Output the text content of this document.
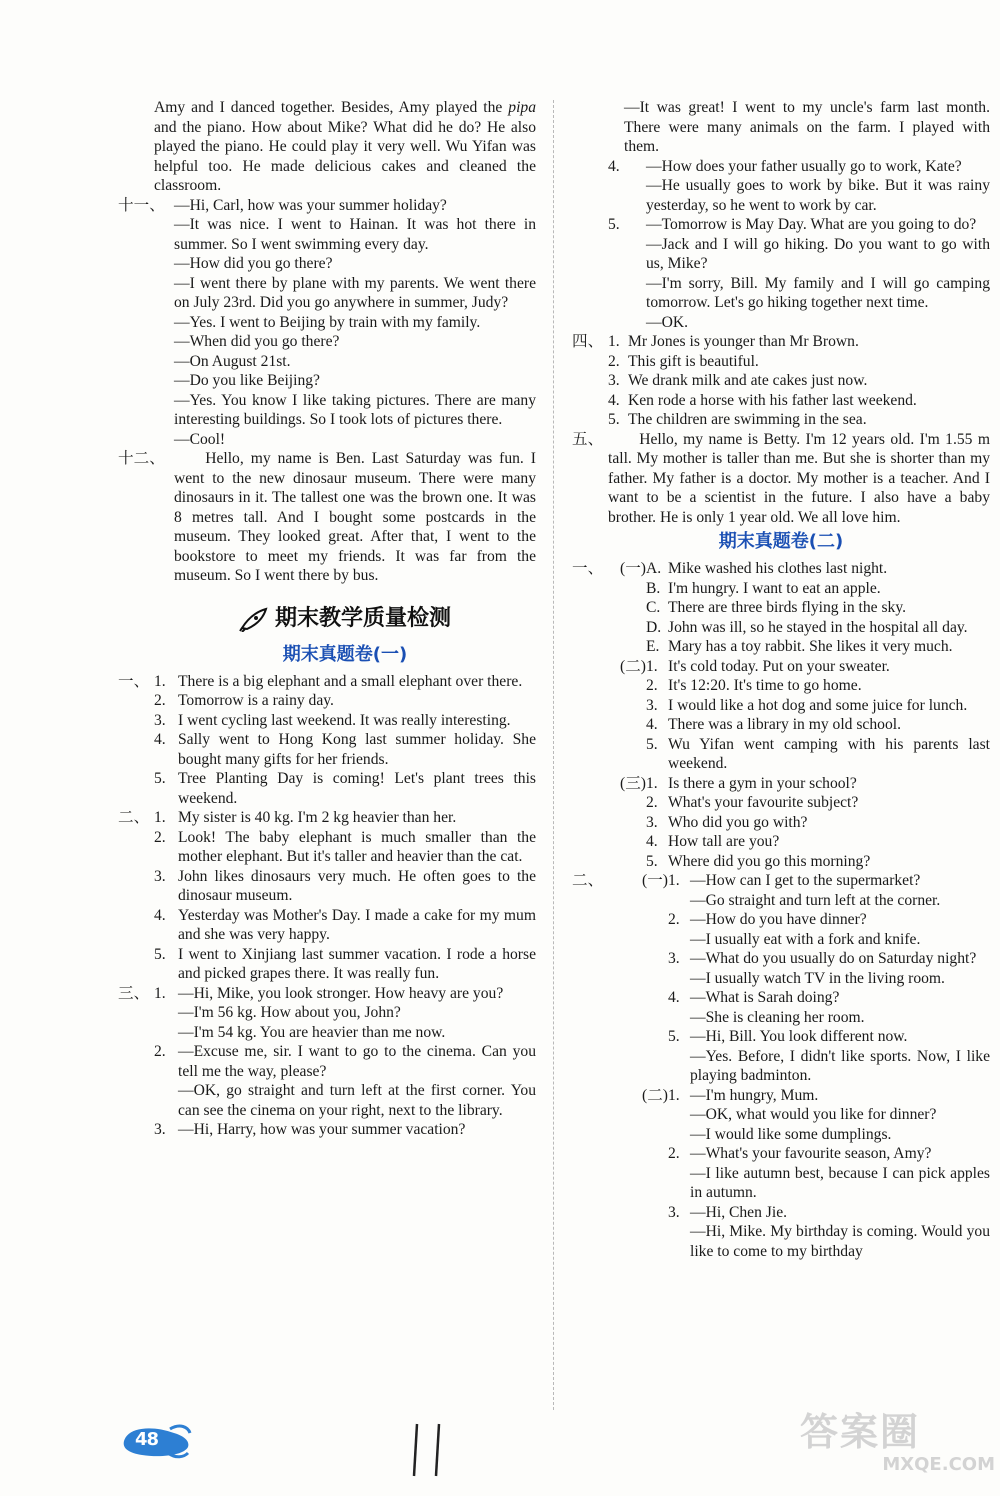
Amy and I danced together. Besides, Amy played the pipa and the piano. How about Mike? What did he do? He also played the piano. He could play it very well. Wu Yifan was helpful too. He made delicious cakes and cleaned the classroom.
十一、 —Hi, Carl, how was your summer holiday?
—It was nice. I went to Hainan. It was hot there in summer. So I went swimming every day.
—How did you go there?
—I went there by plane with my parents. We went there on July 23rd. Did you go anywhere in summer, Judy?
—Yes. I went to Beijing by train with my family.
—When did you go there?
—On August 21st.
—Do you like Beijing?
—Yes. You know I like taking pictures. There are many interesting buildings. So I took lots of pictures there.
—Cool!
十二、	Hello, my name is Ben. Last Saturday was fun. I went to the new dinosaur museum. There were many dinosaurs in it. The tallest one was the brown one. It was 8 metres tall. And I bought some postcards in the museum. They looked great. After that, I went to the bookstore to meet my friends. It was far from the museum. So I went there by bus.
期末教学质量检测
期末真题卷(一)
一、 1. There is a big elephant and a small elephant over there.
2. Tomorrow is a rainy day.
3. I went cycling last weekend. It was really interesting.
4. Sally went to Hong Kong last summer holiday. She bought many gifts for her friends.
5. Tree Planting Day is coming! Let's plant trees this weekend.
二、 1. My sister is 40 kg. I'm 2 kg heavier than her.
2. Look! The baby elephant is much smaller than the mother elephant. But it's taller and heavier than the cat.
3. John likes dinosaurs very much. He often goes to the dinosaur museum.
4. Yesterday was Mother's Day. I made a cake for my mum and she was very happy.
5. I went to Xinjiang last summer vacation. I rode a horse and picked grapes there. It was really fun.
三、 1. —Hi, Mike, you look stronger. How heavy are you?
—I'm 56 kg. How about you, John?
—I'm 54 kg. You are heavier than me now.
2. —Excuse me, sir. I want to go to the cinema. Can you tell me the way, please?
—OK, go straight and turn left at the first corner. You can see the cinema on your right, next to the library.
3. —Hi, Harry, how was your summer vacation?
—It was great! I went to my uncle's farm last month. There were many animals on the farm. I played with them.
4.	—How does your father usually go to work, Kate?
—He usually goes to work by bike. But it was rainy yesterday, so he went to work by car.
5.	—Tomorrow is May Day. What are you going to do?
—Jack and I will go hiking. Do you want to go with us, Mike?
—I'm sorry, Bill. My family and I will go camping tomorrow. Let's go hiking together next time.
—OK.
四、 1. Mr Jones is younger than Mr Brown.
2. This gift is beautiful.
3. We drank milk and ate cakes just now.
4. Ken rode a horse with his father last weekend.
5. The children are swimming in the sea.
五、	Hello, my name is Betty. I'm 12 years old. I'm 1.55 m tall. My mother is taller than me. But she is shorter than my father. My father is a doctor. My mother is a teacher. And I want to be a scientist in the future. I also have a baby brother. He is only 1 year old. We all love him.
期末真题卷(二)
一、	(一) A. Mike washed his clothes last night.
B. I'm hungry. I want to eat an apple.
C. There are three birds flying in the sky.
D. John was ill, so he stayed in the hospital all day.
E. Mary has a toy rabbit. She likes it very much.
(二) 1. It's cold today. Put on your sweater.
2. It's 12:20. It's time to go home.
3. I would like a hot dog and some juice for lunch.
4. There was a library in my old school.
5. Wu Yifan went camping with his parents last weekend.
(三) 1. Is there a gym in your school?
2. What's your favourite subject?
3. Who did you go with?
4. How tall are you?
5. Where did you go this morning?
二、	(一) 1. —How can I get to the supermarket?
—Go straight and turn left at the corner.
2. —How do you have dinner?
—I usually eat with a fork and knife.
3. —What do you usually do on Saturday night?
—I usually watch TV in the living room.
4. —What is Sarah doing?
—She is cleaning her room.
5. —Hi, Bill. You look different now.
—Yes. Before, I didn't like sports. Now, I like playing badminton.
(二) 1. —I'm hungry, Mum.
—OK, what would you like for dinner?
—I would like some dumplings.
2. —What's your favourite season, Amy?
—I like autumn best, because I can pick apples in autumn.
3. —Hi, Chen Jie.
—Hi, Mike. My birthday is coming. Would you like to come to my birthday
48	答案圈
MXQE.COM
